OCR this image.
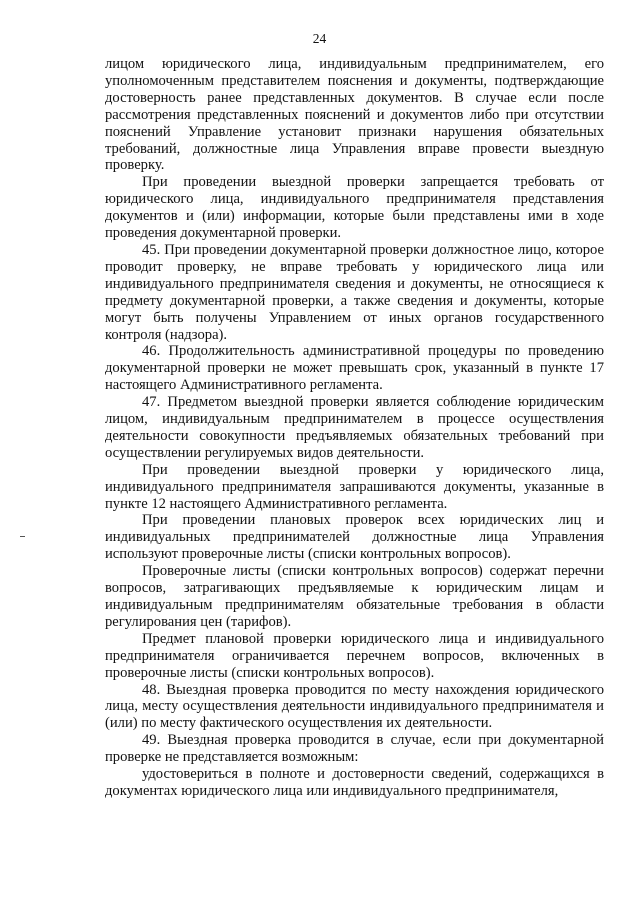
24

лицом юридического лица, индивидуальным предпринимателем, его уполномоченным представителем пояснения и документы, подтверждающие достоверность ранее представленных документов. В случае если после рассмотрения представленных пояснений и документов либо при отсутствии пояснений Управление установит признаки нарушения обязательных требований, должностные лица Управления вправе провести выездную проверку.

При проведении выездной проверки запрещается требовать от юридического лица, индивидуального предпринимателя представления документов и (или) информации, которые были представлены ими в ходе проведения документарной проверки.

45. При проведении документарной проверки должностное лицо, которое проводит проверку, не вправе требовать у юридического лица или индивидуального предпринимателя сведения и документы, не относящиеся к предмету документарной проверки, а также сведения и документы, которые могут быть получены Управлением от иных органов государственного контроля (надзора).

46. Продолжительность административной процедуры по проведению документарной проверки не может превышать срок, указанный в пункте 17 настоящего Административного регламента.

47. Предметом выездной проверки является соблюдение юридическим лицом, индивидуальным предпринимателем в процессе осуществления деятельности совокупности предъявляемых обязательных требований при осуществлении регулируемых видов деятельности.

При проведении выездной проверки у юридического лица, индивидуального предпринимателя запрашиваются документы, указанные в пункте 12 настоящего Административного регламента.

При проведении плановых проверок всех юридических лиц и индивидуальных предпринимателей должностные лица Управления используют проверочные листы (списки контрольных вопросов).

Проверочные листы (списки контрольных вопросов) содержат перечни вопросов, затрагивающих предъявляемые к юридическим лицам и индивидуальным предпринимателям обязательные требования в области регулирования цен (тарифов).

Предмет плановой проверки юридического лица и индивидуального предпринимателя ограничивается перечнем вопросов, включенных в проверочные листы (списки контрольных вопросов).

48. Выездная проверка проводится по месту нахождения юридического лица, месту осуществления деятельности индивидуального предпринимателя и (или) по месту фактического осуществления их деятельности.

49. Выездная проверка проводится в случае, если при документарной проверке не представляется возможным:

удостовериться в полноте и достоверности сведений, содержащихся в документах юридического лица или индивидуального предпринимателя,
